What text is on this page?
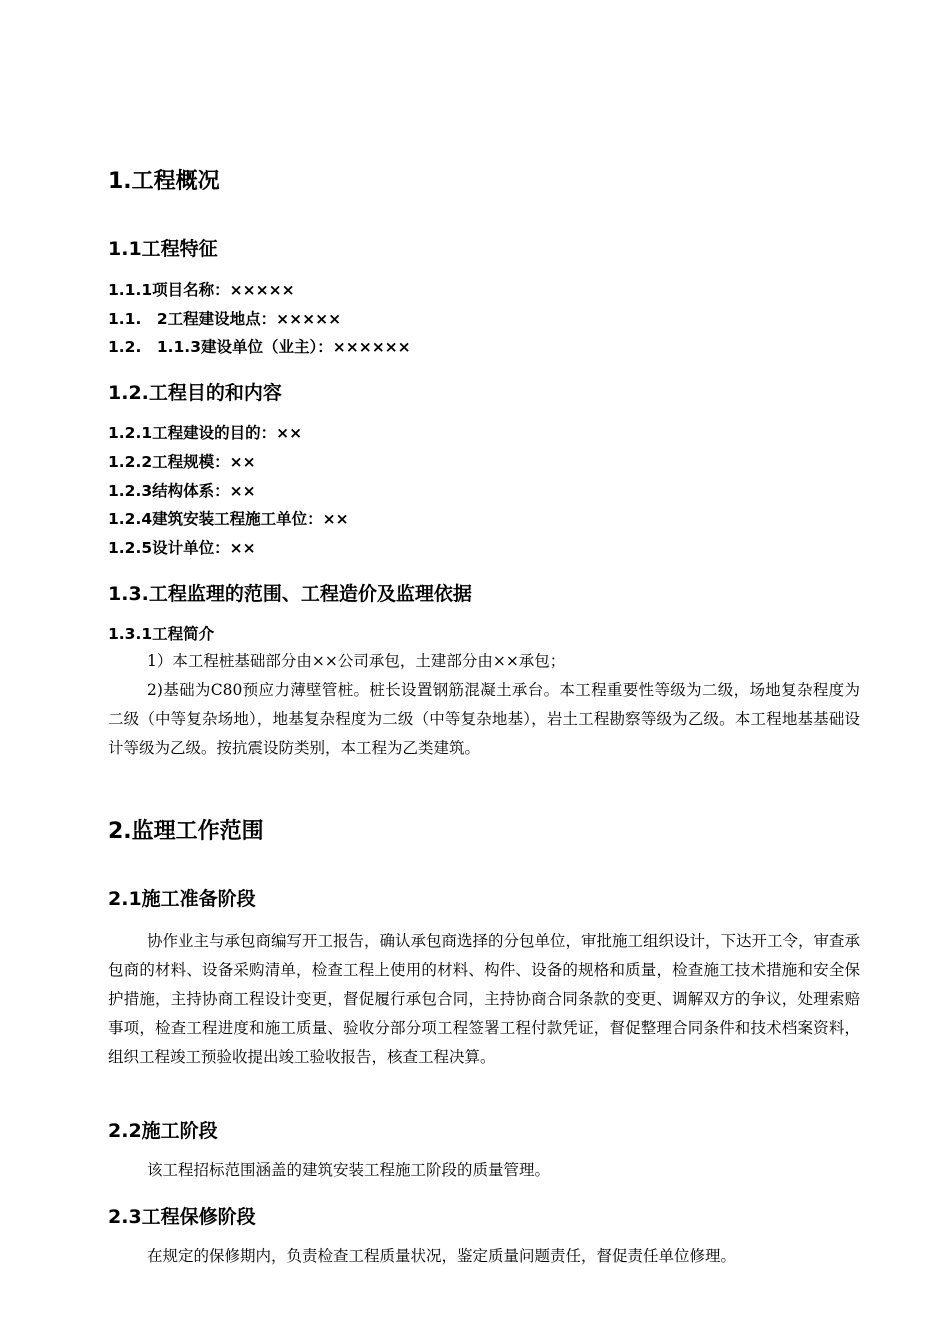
1.工程概况
1.1工程特征
1.1.1项目名称：×××××
1.1.　2工程建设地点：×××××
1.2.　1.1.3建设单位（业主）：××××××
1.2.工程目的和内容
1.2.1工程建设的目的：××
1.2.2工程规模：××
1.2.3结构体系：××
1.2.4建筑安装工程施工单位：××
1.2.5设计单位：××
1.3.工程监理的范围、工程造价及监理依据
1.3.1工程简介
1）本工程桩基础部分由××公司承包，土建部分由××承包；
2)基础为C80预应力薄壁管桩。桩长设置钢筋混凝土承台。本工程重要性等级为二级，场地复杂程度为二级（中等复杂场地），地基复杂程度为二级（中等复杂地基），岩土工程勘察等级为乙级。本工程地基基础设计等级为乙级。按抗震设防类别，本工程为乙类建筑。
2.监理工作范围
2.1施工准备阶段
协作业主与承包商编写开工报告，确认承包商选择的分包单位，审批施工组织设计，下达开工令，审查承包商的材料、设备采购清单，检查工程上使用的材料、构件、设备的规格和质量，检查施工技术措施和安全保护措施，主持协商工程设计变更，督促履行承包合同，主持协商合同条款的变更、调解双方的争议，处理索赔事项，检查工程进度和施工质量、验收分部分项工程签署工程付款凭证，督促整理合同条件和技术档案资料，组织工程竣工预验收提出竣工验收报告，核查工程决算。
2.2施工阶段
该工程招标范围涵盖的建筑安装工程施工阶段的质量管理。
2.3工程保修阶段
在规定的保修期内，负责检查工程质量状况，鉴定质量问题责任，督促责任单位修理。
